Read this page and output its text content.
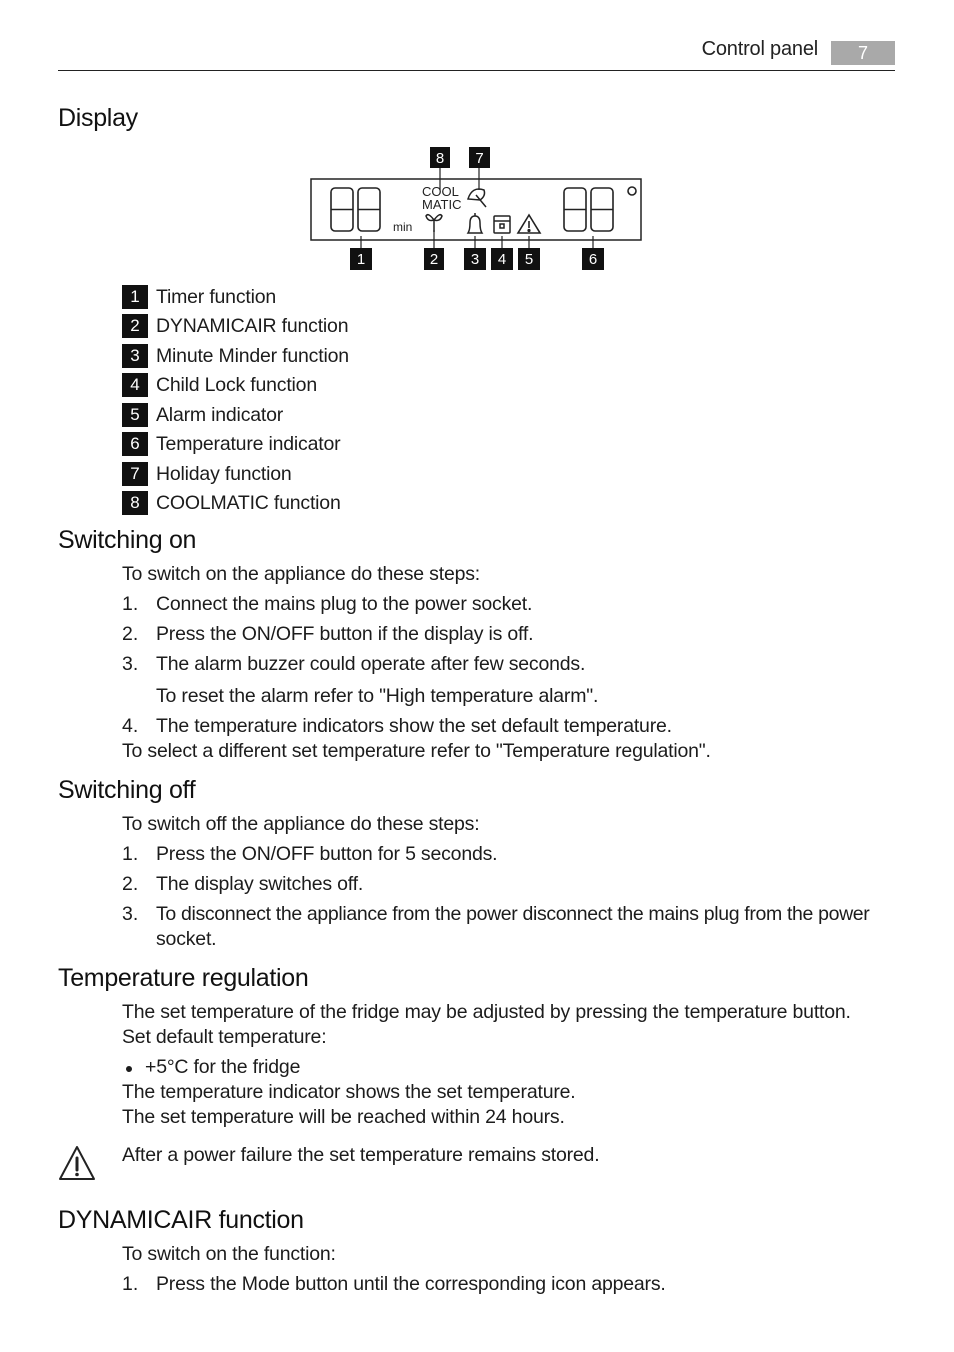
Control panel	7
Display
8 7
min
COOL
MATIC
1	2 3 4 5	6
1 Timer function
2 DYNAMICAIR function
3 Minute Minder function
4 Child Lock function
5 Alarm indicator
6 Temperature indicator
7 Holiday function
8 COOLMATIC function
Switching on
To switch on the appliance do these steps:
1. Connect the mains plug to the power socket.
2. Press the ON/OFF button if the display is off.
3. The alarm buzzer could operate after few seconds.
To reset the alarm refer to "High temperature alarm".
4. The temperature indicators show the set default temperature.
To select a different set temperature refer to "Temperature regulation".
Switching off
To switch off the appliance do these steps:
1. Press the ON/OFF button for 5 seconds.
2. The display switches off.
3. To disconnect the appliance from the power disconnect the mains plug from the power
socket.
Temperature regulation
The set temperature of the fridge may be adjusted by pressing the temperature button.
Set default temperature:
+5°C for the fridge
The temperature indicator shows the set temperature.
The set temperature will be reached within 24 hours.
After a power failure the set temperature remains stored.
DYNAMICAIR function
To switch on the function:
1. Press the Mode button until the corresponding icon appears.
